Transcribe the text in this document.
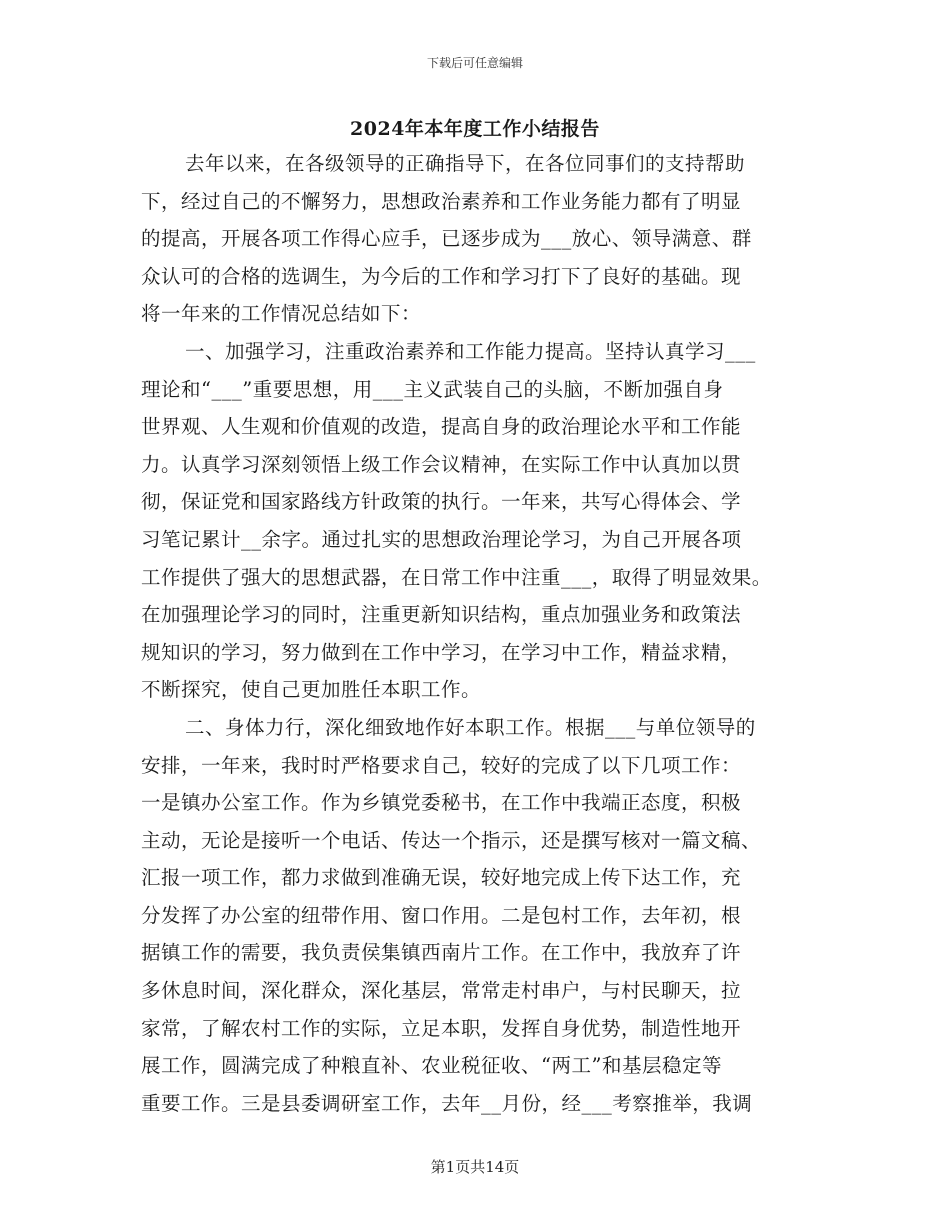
下载后可任意编辑
2024年本年度工作小结报告
去年以来，在各级领导的正确指导下，在各位同事们的支持帮助
下，经过自己的不懈努力，思想政治素养和工作业务能力都有了明显
的提高，开展各项工作得心应手，已逐步成为___放心、领导满意、群
众认可的合格的选调生，为今后的工作和学习打下了良好的基础。现
将一年来的工作情况总结如下：
一、加强学习，注重政治素养和工作能力提高。坚持认真学习___
理论和“___”重要思想，用___主义武装自己的头脑，不断加强自身
世界观、人生观和价值观的改造，提高自身的政治理论水平和工作能
力。认真学习深刻领悟上级工作会议精神，在实际工作中认真加以贯
彻，保证党和国家路线方针政策的执行。一年来，共写心得体会、学
习笔记累计__余字。通过扎实的思想政治理论学习，为自己开展各项
工作提供了强大的思想武器，在日常工作中注重___，取得了明显效果。
在加强理论学习的同时，注重更新知识结构，重点加强业务和政策法
规知识的学习，努力做到在工作中学习，在学习中工作，精益求精，
不断探究，使自己更加胜任本职工作。
二、身体力行，深化细致地作好本职工作。根据___与单位领导的
安排，一年来，我时时严格要求自己，较好的完成了以下几项工作：
一是镇办公室工作。作为乡镇党委秘书，在工作中我端正态度，积极
主动，无论是接听一个电话、传达一个指示，还是撰写核对一篇文稿、
汇报一项工作，都力求做到准确无误，较好地完成上传下达工作，充
分发挥了办公室的纽带作用、窗口作用。二是包村工作，去年初，根
据镇工作的需要，我负责侯集镇西南片工作。在工作中，我放弃了许
多休息时间，深化群众，深化基层，常常走村串户，与村民聊天，拉
家常，了解农村工作的实际，立足本职，发挥自身优势，制造性地开
展工作，圆满完成了种粮直补、农业税征收、“两工”和基层稳定等
重要工作。三是县委调研室工作，去年__月份，经___考察推举，我调
第1页共14页
